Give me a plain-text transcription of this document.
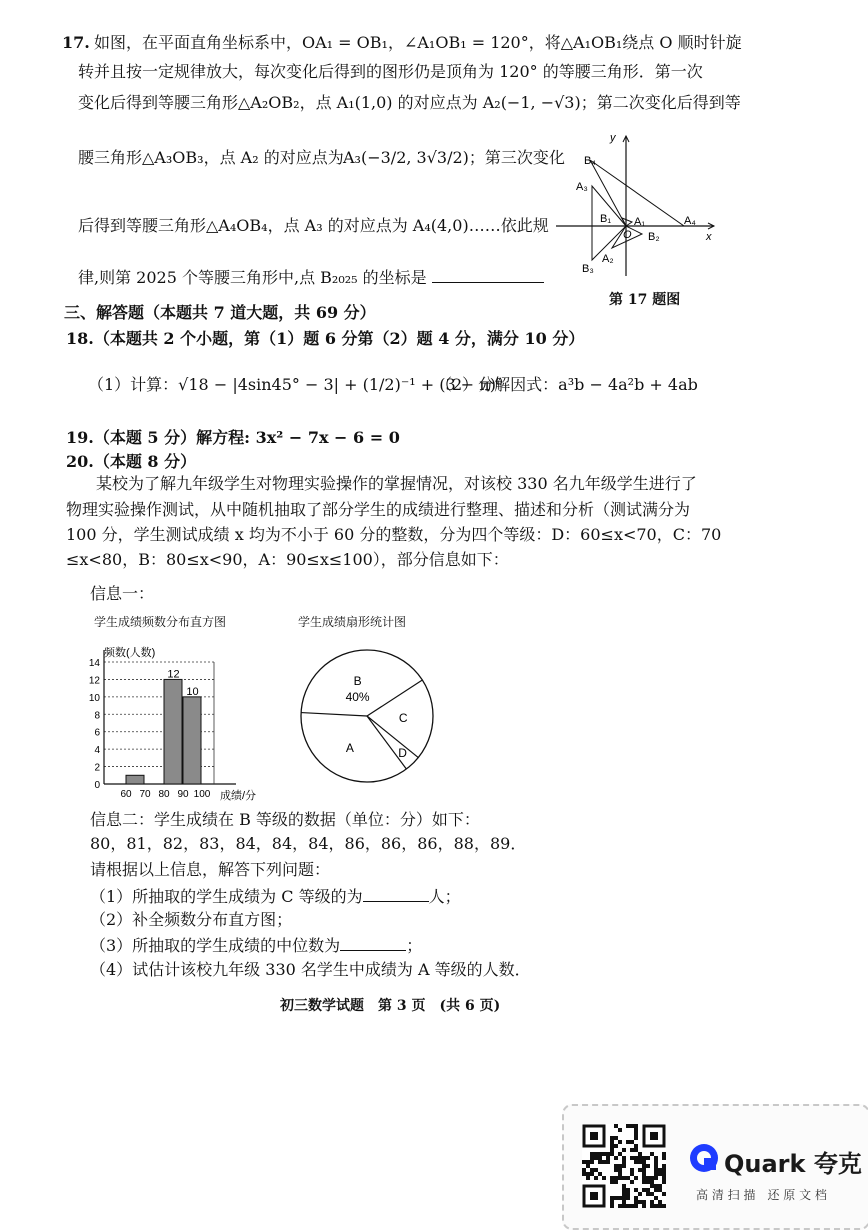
17. 如图，在平面直角坐标系中，OA₁ = OB₁，∠A₁OB₁ = 120°，将△A₁OB₁绕点 O 顺时针旋
转并且按一定规律放大，每次变化后得到的图形仍是顶角为 120° 的等腰三角形．第一次
变化后得到等腰三角形△A₂OB₂，点 A₁(1,0) 的对应点为 A₂(−1, −√3)；第二次变化后得到等
腰三角形△A₃OB₃，点 A₂ 的对应点为 A₃(−3/2, 3√3/2)；第三次变化
后得到等腰三角形△A₄OB₄，点 A₃ 的对应点为 A₄(4,0)……依此规
律,则第 2025 个等腰三角形中,点 B₂₀₂₅ 的坐标是
y
x
B₄
A₃
B₁ A₁
O B₂
A₄
B₃
A₂
第 17 题图
三、解答题（本题共 7 道大题，共 69 分）
18.（本题共 2 个小题，第（1）题 6 分第（2）题 4 分，满分 10 分）
（1）计算：√18 − |4sin45° − 3| + (1/2)⁻¹ + (3 − π)⁰
（2）分解因式：a³b − 4a²b + 4ab
19.（本题 5 分）解方程: 3x² − 7x − 6 = 0
20.（本题 8 分）
某校为了解九年级学生对物理实验操作的掌握情况，对该校 330 名九年级学生进行了
物理实验操作测试，从中随机抽取了部分学生的成绩进行整理、描述和分析（测试满分为
100 分，学生测试成绩 x 均为不小于 60 分的整数，分为四个等级：D：60≤x<70，C：70
≤x<80，B：80≤x<90，A：90≤x≤100），部分信息如下：
信息一：
学生成绩频数分布直方图	学生成绩扇形统计图
频数(人数)
成绩/分
0
2
4
6
8
10
12
14
12
10
60 70 80 90 100
B
40%
C
D
A
信息二：学生成绩在 B 等级的数据（单位：分）如下：
80，81，82，83，84，84，84，86，86，86，88，89．
请根据以上信息，解答下列问题：
（1）所抽取的学生成绩为 C 等级的为	人；
（2）补全频数分布直方图；
（3）所抽取的学生成绩的中位数为	；
（4）试估计该校九年级 330 名学生中成绩为 A 等级的人数．
初三数学试题　第 3 页　(共 6 页)
Quark 夸克
高 清 扫 描　还 原 文 档
